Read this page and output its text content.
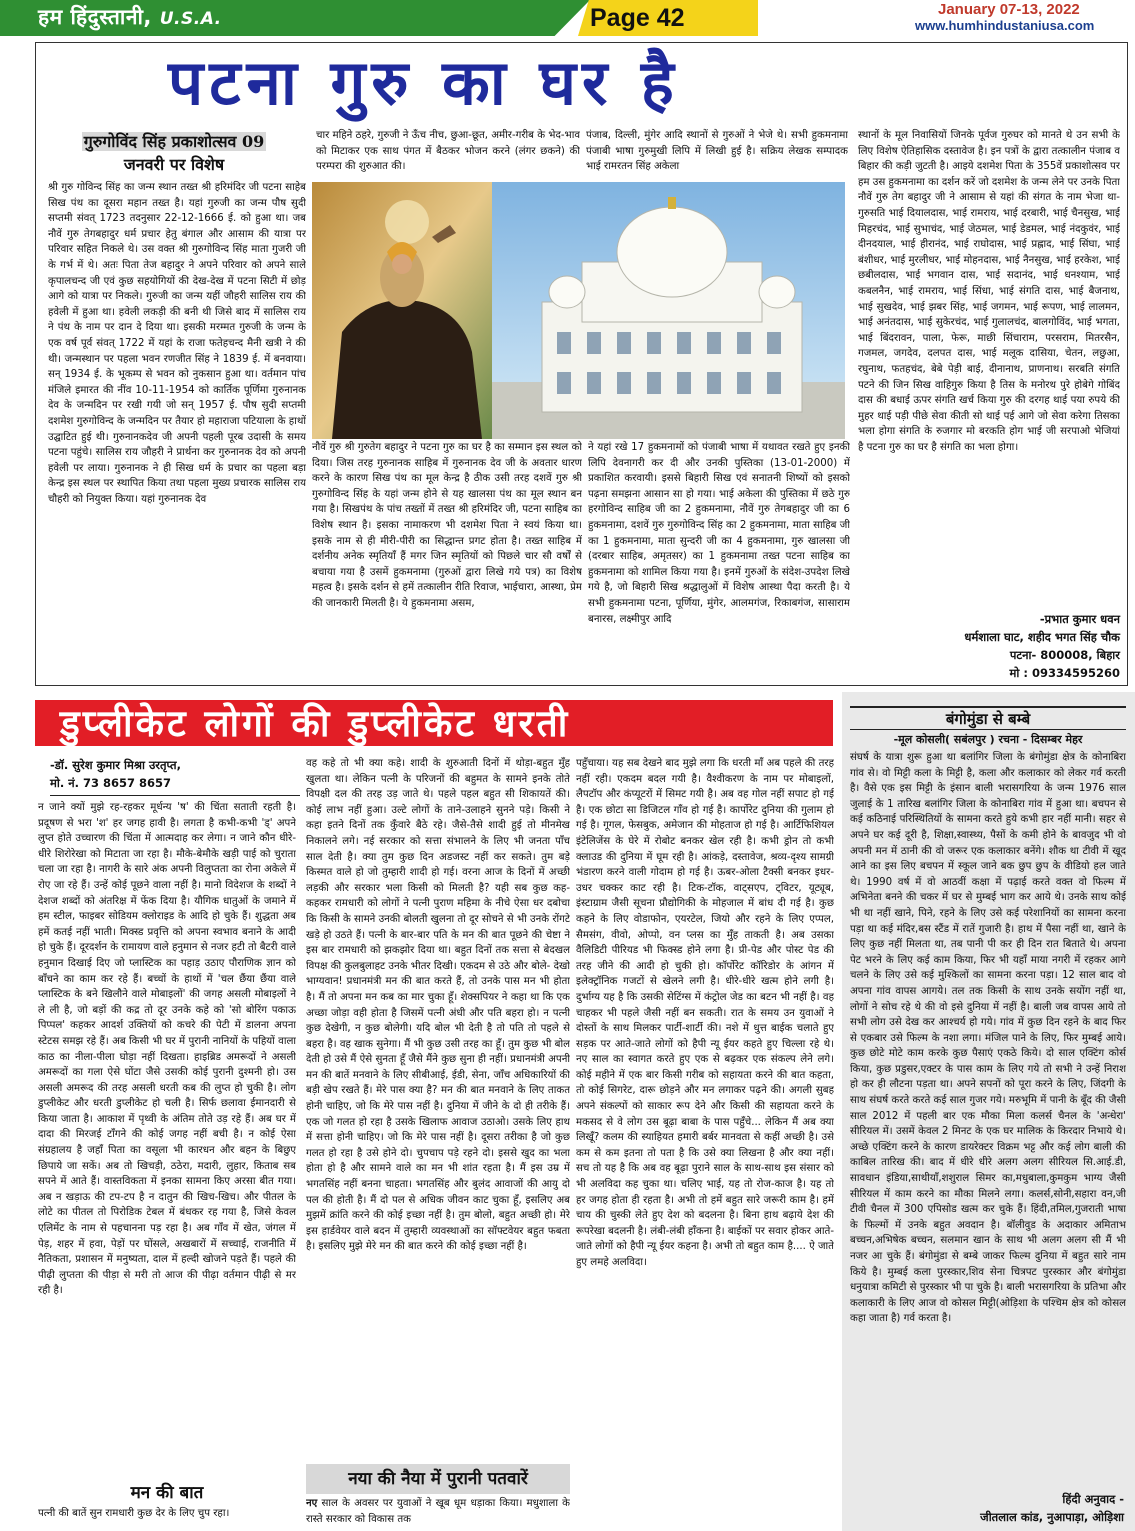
हम हिंदुस्तानी, U.S.A.	Page 42	January 07-13, 2022
www.humhindustaniusa.com
पटना गुरु का घर है
गुरुगोविंद सिंह प्रकाशोत्सव 09
जनवरी पर विशेष
श्री गुरु गोविन्द सिंह का जन्म स्थान तख्त श्री हरिमंदिर जी पटना साहेब सिख पंथ का दूसरा महान तख्त है। यहां गुरुजी का जन्म पौष सुदी सप्तमी संवत् 1723 तदनुसार 22-12-1666 ई. को हुआ था। जब नौवें गुरु तेगबहादुर धर्म प्रचार हेतु बंगाल और आसाम की यात्रा पर परिवार सहित निकले थे। उस वक्त श्री गुरुगोविन्द सिंह माता गुजरी जी के गर्भ में थे। अतः पिता तेज बहादुर ने अपने परिवार को अपने साले कृपालचन्द जी एवं कुछ सहयोगियों की देख-देख में पटना सिटी में छोड़ आगे को यात्रा पर निकले। गुरुजी का जन्म यहीं जौहरी सालिस राय की हवेली में हुआ था। हवेली लकड़ी की बनी थी जिसे बाद में सालिस राय ने पंथ के नाम पर दान दे दिया था। इसकी मरम्मत गुरुजी के जन्म के एक वर्ष पूर्व संवत् 1722 में यहां के राजा फतेहचन्द मैनी खत्री ने की थी। जन्मस्थान पर पहला भवन रणजीत सिंह ने 1839 ई. में बनवाया। सन् 1934 ई. के भूकम्प से भवन को नुकसान हुआ था। वर्तमान पांच मंजिले इमारत की नींव 10-11-1954 को कार्तिक पूर्णिमा गुरुनानक देव के जन्मदिन पर रखी गयी जो सन् 1957 ई. पौष सुदी सप्तमी दशमेश गुरुगोविन्द के जन्मदिन पर तैयार हो महाराजा पटियाला के हाथों उद्घाटित हुई थी। गुरुनानकदेव जी अपनी पहली पूरब उदासी के समय पटना पहुंचे। सालिस राय जौहरी ने प्रार्थना कर गुरुनानक देव को अपनी हवेली पर लाया। गुरुनानक ने ही सिख धर्म के प्रचार का पहला बड़ा केन्द्र इस स्थल पर स्थापित किया तथा पहला मुख्य प्रचारक सालिस राय चौहरी को नियुक्त किया। यहां गुरुनानक देव
चार महिने ठहरे, गुरुजी ने ऊँच नीच, छुआ-छूत, अमीर-गरीब के भेद-भाव को मिटाकर एक साथ पंगत में बैठकर भोजन करने (लंगर छकने) की परम्परा की शुरुआत की।
पंजाब, दिल्ली, मुंगेर आदि स्थानों से गुरुओं ने भेजे थे। सभी हुकमनामा पंजाबी भाषा गुरुमुखी लिपि में लिखी हुई है। सक्रिय लेखक सम्पादक भाई रामरतन सिंह अकेला
नौवें गुरु श्री गुरुतेग बहादुर ने पटना गुरु का घर है का सम्मान इस स्थल को दिया। जिस तरह गुरुनानक साहिब में गुरुनानक देव जी के अवतार धारण करने के कारण सिख पंथ का मूल केन्द्र है ठीक उसी तरह दशवें गुरु श्री गुरुगोविन्द सिंह के यहां जन्म होने से यह खालसा पंथ का मूल स्थान बन गया है। सिखपंथ के पांच तख्तों में तख्त श्री हरिमंदिर जी, पटना साहिब का विशेष स्थान है। इसका नामाकरण भी दशमेश पिता ने स्वयं किया था। इसके नाम से ही मीरी-पीरी का सिद्धान्त प्रगट होता है। तख्त साहिब में दर्शनीय अनेक स्मृतियाँ हैं मगर जिन स्मृतियों को पिछले चार सौ वर्षों से बचाया गया है उसमें हुकमनामा (गुरुओं द्वारा लिखे गये पत्र) का विशेष महत्व है। इसके दर्शन से हमें तत्कालीन रीति रिवाज, भाईचारा, आस्था, प्रेम की जानकारी मिलती है। ये हुकमनामा असम,
ने यहां रखे 17 हुकमनामों को पंजाबी भाषा में यथावत रखते हुए इनकी लिपि देवनागरी कर दी और उनकी पुस्तिका (13-01-2000) में प्रकाशित करवायी। इससे बिहारी सिख एवं सनातनी शिष्यों को इसको पढ़ना समझना आसान सा हो गया। भाई अकेला की पुस्तिका में छठे गुरु हरगोविन्द साहिब जी का 2 हुकमनामा, नौवें गुरु तेगबहादुर जी का 6 हुकमनामा, दशवें गुरु गुरुगोविन्द सिंह का 2 हुकमनामा, माता साहिब जी का 1 हुकमनामा, माता सुन्दरी जी का 4 हुकमनामा, गुरु खालसा जी (दरबार साहिब, अमृतसर) का 1 हुकमनामा तख्त पटना साहिब का हुकमनामा को शामिल किया गया है। इनमें गुरुओं के संदेश-उपदेश लिखे गये है, जो बिहारी सिख श्रद्धालुओं में विशेष आस्था पैदा करती है। ये सभी हुकमनामा पटना, पूर्णिया, मुंगेर, आलमगंज, रिकाबगंज, सासाराम बनारस, लक्ष्मीपुर आदि
स्थानों के मूल निवासियों जिनके पूर्वज गुरुघर को मानते थे उन सभी के लिए विशेष ऐतिहासिक दस्तावेज है। इन पत्रों के द्वारा तत्कालीन पंजाब व बिहार की कड़ी जुटती है। आइये दशमेश पिता के 355वें प्रकाशोत्सव पर हम उस हुकमनामा का दर्शन करें जो दशमेश के जन्म लेने पर उनके पिता नौवें गुरु तेग बहादुर जी ने आसाम से यहां की संगत के नाम भेजा था- गुरुसति भाई दियालदास, भाई रामराय, भाई दरबारी, भाई चैनसुख, भाई मिहरचंद, भाई सुभाचंद, भाई जेठमल, भाई डेडमल, भाई नंदकुवंर, भाई दीनदयाल, भाई हीरानंद, भाई राघोदास, भाई प्रह्लाद, भाई सिंघा, भाई बंशीधर, भाई मुरलीधर, भाई मोहनदास, भाई नैनसुख, भाई हरकेश, भाई छबीलदास, भाई भगवान दास, भाई सदानंद, भाई धनश्याम, भाई कबलनैन, भाई रामराय, भाई सिंधा, भाई संगति दास, भाई बैजनाथ, भाई सुखदेव, भाई झबर सिंह, भाई जगमन, भाई रूपण, भाई लालमन, भाई अनंतदास, भाई सुकेरचंद, भाई गुलालचंद, बालगोविंद, भाई भगता, भाई बिंदरावन, पाला, फेरू, माछी सिंचाराम, परसराम, मितरसैन, गजमल, जगदेव, दलपत दास, भाई मलूक दासिया, चेतन, लछुआ, रघुनाथ, फतहचंद, बेबे पेड़ी बाई, दीनानाथ, प्राणनाथ। सरबति संगति पटने की जिन सिख वाहिगुरु किया है तिस के मनोरथ पुरे होबेगे गोबिंद दास की बधाई ऊपर संगति खर्च किया गुरु की दरगह थाई पया रुपये की मुहर थाई पड़ी पीछे सेवा कीती सो थाई पई आगे जो सेवा करेगा तिसका भला होगा संगति के रुजगार मो बरकति होग भाई जी सरपाओ भेजियां है पटना गुरु का घर है संगति का भला होगा।
-प्रभात कुमार धवन
धर्मशाला घाट, शहीद भगत सिंह चौक
पटना- 800008, बिहार
मो : 09334595260
डुप्लीकेट लोगों की डुप्लीकेट धरती
-डॉ. सुरेश कुमार मिश्रा उरतृप्त,
मो. नं. 73 8657 8657
न जाने क्यों मुझे रह-रहकर मूर्धन्य 'ष' की चिंता सताती रहती है। प्रदूषण से भरा 'श' हर जगह हावी है। लगता है कभी-कभी 'ड्' अपने लुप्त होते उच्चारण की चिंता में आत्मदाह कर लेगा। न जाने कौन धीरे-धीरे शिरोरेखा को मिटाता जा रहा है। मौके-बेमौके खड़ी पाई को चुराता चला जा रहा है। नागरी के सारे अंक अपनी विलुप्तता का रोना अकेले में रोए जा रहे हैं। उन्हें कोई पूछने वाला नहीं है। मानो विदेशज के शब्दों ने देशज शब्दों को अंतरिक्ष में फेंक दिया है। यौगिक धातुओं के जमाने में हम स्टील, फाइबर सोडियम क्लोराइड के आदि हो चुके हैं। शुद्धता अब हमें कतई नहीं भाती। मिक्स्ड प्रवृत्ति को अपना स्वभाव बनाने के आदी हो चुके हैं। दूरदर्शन के रामायण वाले हनुमान से नजर हटी तो बैटरी वाले हनुमान दिखाई दिए जो प्लास्टिक का पहाड़ उठाए पौराणिक ज्ञान को बाँचने का काम कर रहे हैं। बच्चों के हाथों में 'चल छैंया छैंया वाले प्लास्टिक के बने खिलौने वाले मोबाइलों' की जगह असली मोबाइलों ने ले ली है, जो बड़ों की कद्र तो दूर उनके कहे को 'सो बोरिंग पकाऊ पिप्पल' कहकर आदर्श उक्तियों को कचरे की पेटी में डालना अपना स्टेटस समझ रहे हैं। अब किसी भी घर में पुरानी नानियों के पहियों वाला काठ का नीला-पीला घोड़ा नहीं दिखता। हाइब्रिड अमरूदों ने असली अमरूदों का गला ऐसे घोंटा जैसे उसकी कोई पुरानी दुश्मनी हो। उस असली अमरूद की तरह असली धरती कब की लुप्त हो चुकी है। लोग डुप्लीकेट और धरती डुप्लीकेट हो चली है। सिर्फ छलावा ईमानदारी से किया जाता है। आकाश में पृथ्वी के अंतिम तोते उड़ रहे हैं। अब घर में दादा की मिरजई टाँगने की कोई जगह नहीं बची है। न कोई ऐसा संग्रहालय है जहाँ पिता का वसूला भी कारधन और बहन के बिछुए छिपाये जा सकें। अब तो खिचड़ी, ठठेरा, मदारी, लुहार, किताब सब सपने में आते हैं। वास्तविकता में इनका सामना किए अरसा बीत गया। अब न खड़ाऊ की टप-टप है न दातुन की खिच-खिच। और पीतल के लोटे का पीतल तो पिरोडिक टेबल में बंधकर रह गया है, जिसे केवल एलिमेंट के नाम से पहचानना पड़ रहा है। अब गाँव में खेत, जंगल में पेड़, शहर में हवा, पेड़ों पर घोंसले, अखबारों में सच्चाई, राजनीति में नैतिकता, प्रशासन में मनुष्यता, दाल में हल्दी खोजने पड़ते हैं। पहले की पीढ़ी लुप्तता की पीड़ा से मरी तो आज की पीढ़ा वर्तमान पीढ़ी से मर रही है।
मन की बात
पत्नी की बातें सुन रामधारी कुछ देर के लिए चुप रहा।
वह कहे तो भी क्या कहे। शादी के शुरुआती दिनों में थोड़ा-बहुत मुँह खुलता था। लेकिन पत्नी के परिजनों की बहुमत के सामने इनके तोते विपक्षी दल की तरह उड़ जाते थे। पहले पहल बहुत सी शिकायतें की। कोई लाभ नहीं हुआ। उल्टे लोगों के ताने-उलाहने सुनने पड़े। किसी ने कहा इतने दिनों तक कुँवारे बैठे रहे। जैसे-तैसे शादी हुई तो मीनमेख निकालने लगे। नई सरकार को सत्ता संभालने के लिए भी जनता पाँच साल देती है। क्या तुम कुछ दिन अडजस्ट नहीं कर सकते। तुम बड़े किस्मत वाले हो जो तुम्हारी शादी हो गई। वरना आज के दिनों में अच्छी लड़की और सरकार भला किसी को मिलती है? यही सब कुछ कह-कहकर रामधारी को लोगों ने पत्नी पुराण महिमा के नीचे ऐसा धर दबोचा कि किसी के सामने उनकी बोलती खुलना तो दूर सोचने से भी उनके रोंगटे खड़े हो उठते हैं। पत्नी के बार-बार पति के मन की बात पूछने की चेष्टा ने इस बार रामधारी को झकझोर दिया था। बहुत दिनों तक सत्ता से बेदखल विपक्ष की कुलबुलाहट उनके भीतर दिखी। एकदम से उठे और बोले- देखो भाग्यवान! प्रधानमंत्री मन की बात करते हैं, तो उनके पास मन भी होता है। मैं तो अपना मन कब का मार चुका हूँ। शेक्सपियर ने कहा था कि एक अच्छा जोड़ा वही होता है जिसमें पत्नी अंधी और पति बहरा हो। न पत्नी कुछ देखेगी, न कुछ बोलेगी। यदि बोल भी देती है तो पति तो पहले से बहरा है। वह खाक सुनेगा। मैं भी कुछ उसी तरह का हूँ। तुम कुछ भी बोल देती हो उसे मैं ऐसे सुनता हूँ जैसे मैंने कुछ सुना ही नहीं। प्रधानमंत्री अपनी मन की बातें मनवाने के लिए सीबीआई, ईडी, सेना, जाँच अधिकारियों की बड़ी खेप रखते हैं। मेरे पास क्या है? मन की बात मनवाने के लिए ताकत होनी चाहिए, जो कि मेरे पास नहीं है। दुनिया में जीने के दो ही तरीके हैं। एक जो गलत हो रहा है उसके खिलाफ आवाज उठाओ। उसके लिए हाथ में सत्ता होनी चाहिए। जो कि मेरे पास नहीं है। दूसरा तरीका है जो कुछ गलत हो रहा है उसे होने दो। चुपचाप पड़े रहने दो। इससे खुद का भला होता हो है और सामने वाले का मन भी शांत रहता है। मैं इस उम्र में भगतसिंह नहीं बनना चाहता। भगतसिंह और बुलंद आवाजों की आयु दो पल की होती है। मैं दो पल से अधिक जीवन काट चुका हूँ, इसलिए अब मुझमें क्रांति करने की कोई इच्छा नहीं है। तुम बोलो, बहुत अच्छी हो। मेरे इस हार्डवेयर वाले बदन में तुम्हारी व्यवस्थाओं का सॉफ्टवेयर बहुत फबता है। इसलिए मुझे मेरे मन की बात करने की कोई इच्छा नहीं है।
नया की नैया में पुरानी पतवारें
नए साल के अवसर पर युवाओं ने खूब धूम धड़ाका किया। मधुशाला के रास्ते सरकार को विकास तक
पहुँचाया। यह सब देखने बाद मुझे लगा कि धरती माँ अब पहले की तरह नहीं रही। एकदम बदल गयी है। वैश्वीकरण के नाम पर मोबाइलों, लैपटॉप और कंप्यूटरों में सिमट गयी है। अब वह गोल नहीं सपाट हो गई है। एक छोटा सा डिजिटल गाँव हो गई है। कार्पोरेट दुनिया की गुलाम हो गई है। गूगल, फेसबुक, अमेजान की मोहताज हो गई है। आर्टिफिशियल इंटेलिजेंस के घेरे में रोबोट बनकर खेल रही है। कभी ड्रोन तो कभी क्लाउड की दुनिया में घूम रही है। आंकड़े, दस्तावेज, श्रव्य-दृश्य सामग्री भंडारण करने वाली गोदाम हो गई है। ऊबर-ओला टैक्सी बनकर इधर-उधर चक्कर काट रही है। टिक-टॉक, वाट्सएप, ट्विटर, यूट्यूब, इंस्टाग्राम जैसी सूचना प्रौद्योगिकी के मोहजाल में बांध दी गई है। कुछ कहने के लिए वोडाफोन, एयरटेल, जियो और रहने के लिए एप्पल, सैमसंग, वीवो, ओप्पो, वन प्लस का मुँह ताकती है। अब उसका वैलिडिटी पीरियड भी फिक्स्ड होने लगा है। प्री-पेड और पोस्ट पेड की तरह जीने की आदी हो चुकी हो। कॉर्पोरेट कॉरिडोर के आंगन में इलेक्ट्रॉनिक गजटों से खेलने लगी है। धीरे-धीरे खत्म होने लगी है। दुर्भाग्य यह है कि उसकी सेटिंग्स में कंट्रोल जेड का बटन भी नहीं है। वह चाहकर भी पहले जैसी नहीं बन सकती। रात के समय उन युवाओं ने दोस्तों के साथ मिलकर पार्टी-शार्टी की। नशे में धुत्त बाईक चलाते हुए सड़क पर आते-जाते लोगों को हैपी न्यू ईयर कहते हुए चिल्ला रहे थे। नए साल का स्वागत करते हुए एक से बढ़कर एक संकल्प लेने लगे। कोई महीने में एक बार किसी गरीब को सहायता करने की बात कहता, तो कोई सिगरेट, दारू छोड़ने और मन लगाकर पढ़ने की। अगली सुबह अपने संकल्पों को साकार रूप देने और किसी की सहायता करने के मकसद से वे लोग उस बूढ़ा बाबा के पास पहुँचे... लेकिन मैं अब क्या लिखूँ? कलम की स्याहियत हमारी बर्बर मानवता से कहीं अच्छी है। उसे कम से कम इतना तो पता है कि उसे क्या लिखना है और क्या नहीं। सच तो यह है कि अब वह बूढ़ा पुराने साल के साथ-साथ इस संसार को भी अलविदा कह चुका था। चलिए भाई, यह तो रोज-काज है। यह तो हर जगह होता ही रहता है। अभी तो हमें बहुत सारे जरूरी काम है। हमें चाय की चुस्की लेते हुए देश को बदलना है। बिना हाथ बढ़ाये देश की रूपरेखा बदलनी है। लंबी-लंबी हाँकना है। बाईकों पर सवार होकर आते-जाते लोगों को हैपी न्यू ईयर कहना है। अभी तो बहुत काम है.... ऐ जाते हुए लमहे अलविदा।
बंगोमुंडा से बम्बे
-मूल कोसली( सबंलपुर ) रचना - दिसम्बर मेहर
संघर्ष के यात्रा शुरू हुआ था बलांगिर जिला के बंगोमुंडा क्षेत्र के कोनाबिरा गांव से। वो मिट्टी कला के मिट्टी है, कला और कलाकार को लेकर गर्व करती है। वैसे एक इस मिट्टी के इंसान बाली भरासगरिया के जन्म 1976 साल जुलाई के 1 तारिख बलांगिर जिला के कोनाबिरा गांव में हुआ था। बचपन से कई कठिनाई परिस्थितियों के सामना करते हुये कभी हार नहीं मानी। सहर से अपने घर कई दूरी है, शिक्षा,स्वास्थ्य, पैसों के कमी होने के बावजुद भी वो अपनी मन में ठानी की वो जरूर एक कलाकार बनेंगे। शौक था टीवी में खूद आने का इस लिए बचपन में स्कूल जाने बक छुप छुप के वीडियो हल जाते थे। 1990 वर्ष में वो आठवीं कक्षा में पढ़ाई करते वक्त वो फिल्म में अभिनेता बनने की चकर में घर से मुम्बई भाग कर आये थे। उनके साथ कोई भी था नहीं खाने, पिने, रहने के लिए उसे कई परेशानियों का सामना करना पड़ा था कई मंदिर,बस स्टैंड में रातें गुजारी है। हाथ में पैसा नहीं था, खाने के लिए कुछ नहीं मिलता था, तब पानी पी कर ही दिन रात बिताते थे। अपना पेट भरने के लिए कई काम किया, फिर भी यहाँ माया नगरी में रहकर आगे चलने के लिए उसे कई मुश्किलों का सामना करना पड़ा। 12 साल बाद वो अपना गांव वापस आगये। तल तक किसी के साथ उनके सयोंग नहीं था, लोगों ने सोच रहे थे की वो इसे दुनिया में नहीं है। बाली जब वापस आये तो सभी लोग उसे देख कर आश्चर्य हो गये। गांव में कुछ दिन रहने के बाद फिर से एकबार उसे फिल्म के नशा लगा। मंजिल पाने के लिए, फिर मुम्बई आये। कुछ छोटे मोटे काम करके कुछ पैसाएं एकठे किये। दो साल एक्टिंग कोर्स किया, कुछ प्रडुसर,एक्टर के पास काम के लिए गये तो सभी ने उन्हें निराश हो कर ही लौटना पड़ता था। अपने सपनों को पूरा करने के लिए, जिंदगी के साथ संघर्ष करते करते कई साल गुजर गये। मरुभूमि में पानी के बूँद की जैसी साल 2012 में पहली बार एक मौका मिला कलर्स चैनल के 'अन्धेरा' सीरियल में। उसमें केवल 2 मिनट के एक घर मालिक के किरदार निभाये थे। अच्छे एक्टिंग करने के कारण डायरेक्टर विक्रम भट्ट और कई लोग बाली की काबिल तारिख की। बाद में धीरे धीरे अलग अलग सीरियल सि.आई.डी, सावधान इंडिया,साथीयाँ,शशुराल सिमर का,मधुबाला,कुमकुम भाग्य जैसी सीरियल में काम करने का मौका मिलने लगा। कलर्स,सोनी,सहारा वन,जी टीवी चैनल में 300 एपिसोड खत्म कर चुके हैं। हिंदी,तमिल,गुजराती भाषा के फिल्मों में उनके बहुत अवदान है। बॉलीवुड के अदाकार अमिताभ बच्चन,अभिषेक बच्चन, सलमान खान के साथ भी अलग अलग सी मैं भी नजर आ चुके हैं। बंगोमुंडा से बम्बे जाकर फिल्म दुनिया में बहुत सारे नाम किये है। मुम्बई कला पुरस्कार,शिव सेना चित्रपट पुरस्कार और बंगोमुंडा धनुयात्रा कमिटी से पुरस्कार भी पा चुके है। बाली भरासगरिया के प्रतिभा और कलाकारी के लिए आज वो कोसल मिट्टी(ओड़िशा के पश्चिम क्षेत्र को कोसल कहा जाता है) गर्व करता है।
हिंदी अनुवाद -
जीतलाल कांड, नुआपाड़ा, ओड़िशा
